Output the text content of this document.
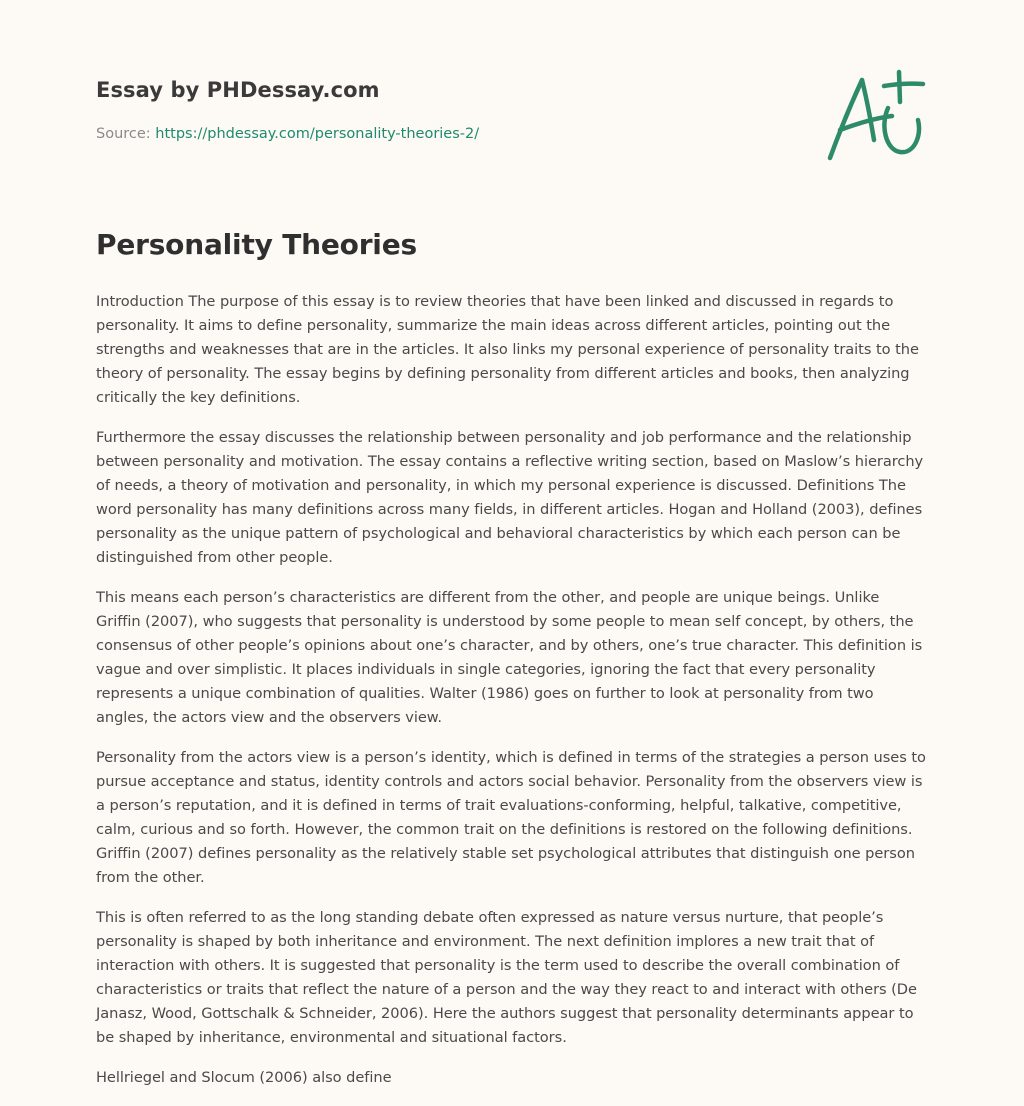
Essay by PHDessay.com
Source: https://phdessay.com/personality-theories-2/
Personality Theories

Introduction The purpose of this essay is to review theories that have been linked and discussed in regards to personality. It aims to define personality, summarize the main ideas across different articles, pointing out the strengths and weaknesses that are in the articles. It also links my personal experience of personality traits to the theory of personality. The essay begins by defining personality from different articles and books, then analyzing critically the key definitions.

Furthermore the essay discusses the relationship between personality and job performance and the relationship between personality and motivation. The essay contains a reflective writing section, based on Maslow’s hierarchy of needs, a theory of motivation and personality, in which my personal experience is discussed. Definitions The word personality has many definitions across many fields, in different articles. Hogan and Holland (2003), defines personality as the unique pattern of psychological and behavioral characteristics by which each person can be distinguished from other people.

This means each person’s characteristics are different from the other, and people are unique beings. Unlike Griffin (2007), who suggests that personality is understood by some people to mean self concept, by others, the consensus of other people’s opinions about one’s character, and by others, one’s true character. This definition is vague and over simplistic. It places individuals in single categories, ignoring the fact that every personality represents a unique combination of qualities. Walter (1986) goes on further to look at personality from two angles, the actors view and the observers view.

Personality from the actors view is a person’s identity, which is defined in terms of the strategies a person uses to pursue acceptance and status, identity controls and actors social behavior. Personality from the observers view is a person’s reputation, and it is defined in terms of trait evaluations-conforming, helpful, talkative, competitive, calm, curious and so forth. However, the common trait on the definitions is restored on the following definitions. Griffin (2007) defines personality as the relatively stable set psychological attributes that distinguish one person from the other.

This is often referred to as the long standing debate often expressed as nature versus nurture, that people’s personality is shaped by both inheritance and environment. The next definition implores a new trait that of interaction with others. It is suggested that personality is the term used to describe the overall combination of characteristics or traits that reflect the nature of a person and the way they react to and interact with others (De Janasz, Wood, Gottschalk & Schneider, 2006). Here the authors suggest that personality determinants appear to be shaped by inheritance, environmental and situational factors.

Hellriegel and Slocum (2006) also define
